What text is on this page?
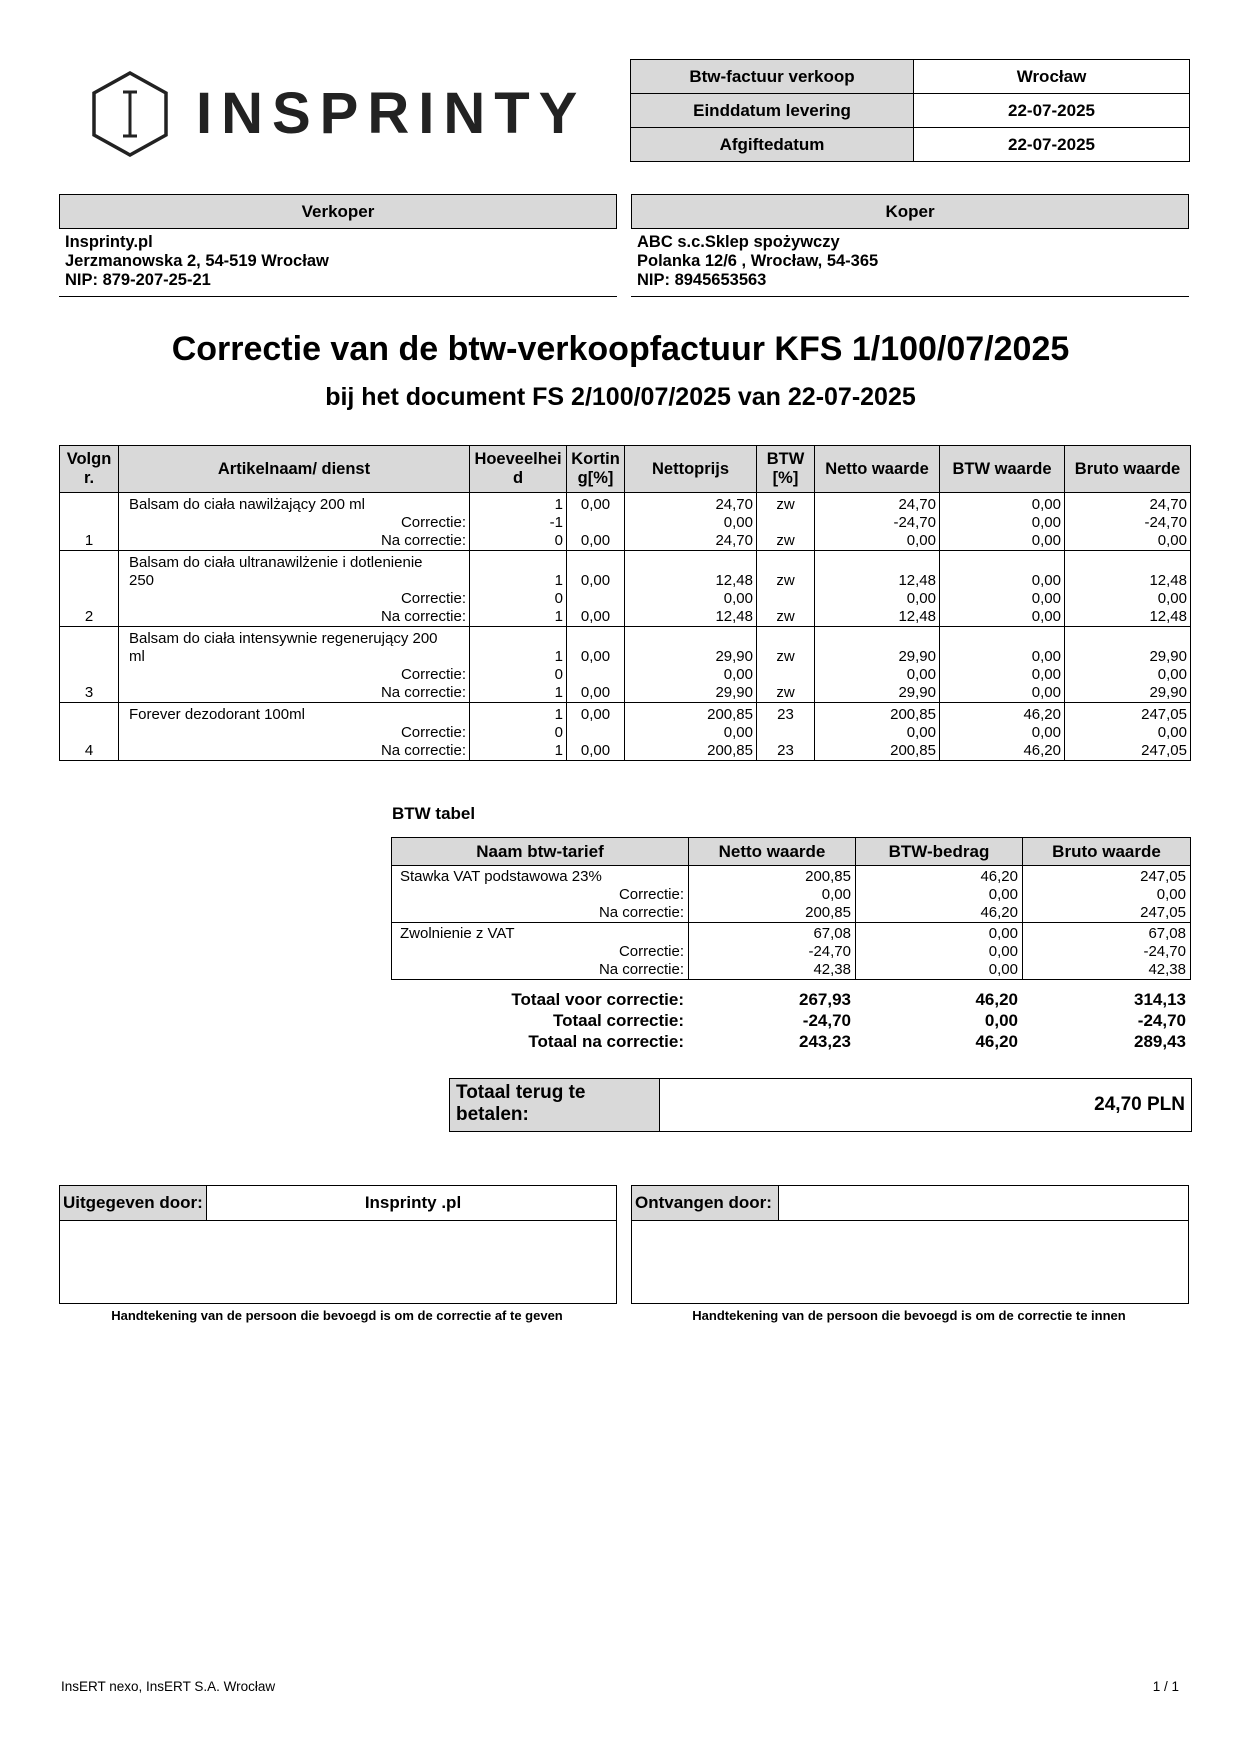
INSPRINTY
Btw-factuur verkoop	Wrocław
Einddatum levering	22-07-2025
Afgiftedatum	22-07-2025
Verkoper
Insprinty.pl
Jerzmanowska 2, 54-519 Wrocław
NIP: 879-207-25-21
Koper
ABC s.c.Sklep spożywczy
Polanka 12/6 , Wrocław, 54-365
NIP: 8945653563
Correctie van de btw-verkoopfactuur KFS 1/100/07/2025
bij het document FS 2/100/07/2025 van 22-07-2025
Volgnr.	Artikelnaam/ dienst	Hoeveelheid	Korting[%]	Nettoprijs	BTW [%]	Netto waarde	BTW waarde	Bruto waarde
	Balsam do ciała nawilżający 200 ml	1	0,00	24,70	zw	24,70	0,00	24,70
	Correctie:	-1		0,00		-24,70	0,00	-24,70
1	Na correctie:	0	0,00	24,70	zw	0,00	0,00	0,00
	Balsam do ciała ultranawilżenie i dotlenienie							
	250	1	0,00	12,48	zw	12,48	0,00	12,48
	Correctie:	0		0,00		0,00	0,00	0,00
2	Na correctie:	1	0,00	12,48	zw	12,48	0,00	12,48
	Balsam do ciała intensywnie regenerujący 200							
	ml	1	0,00	29,90	zw	29,90	0,00	29,90
	Correctie:	0		0,00		0,00	0,00	0,00
3	Na correctie:	1	0,00	29,90	zw	29,90	0,00	29,90
	Forever dezodorant 100ml	1	0,00	200,85	23	200,85	46,20	247,05
	Correctie:	0		0,00		0,00	0,00	0,00
4	Na correctie:	1	0,00	200,85	23	200,85	46,20	247,05
BTW tabel
Naam btw-tarief	Netto waarde	BTW-bedrag	Bruto waarde
Stawka VAT podstawowa 23%	200,85	46,20	247,05
Correctie:	0,00	0,00	0,00
Na correctie:	200,85	46,20	247,05
Zwolnienie z VAT	67,08	0,00	67,08
Correctie:	-24,70	0,00	-24,70
Na correctie:	42,38	0,00	42,38
Totaal voor correctie:	267,93	46,20	314,13
Totaal correctie:	-24,70	0,00	-24,70
Totaal na correctie:	243,23	46,20	289,43
Totaal terug te betalen:	24,70 PLN
Uitgegeven door:	Insprinty .pl
Handtekening van de persoon die bevoegd is om de correctie af te geven
Ontvangen door:
Handtekening van de persoon die bevoegd is om de correctie te innen
InsERT nexo, InsERT S.A. Wrocław	1 / 1
